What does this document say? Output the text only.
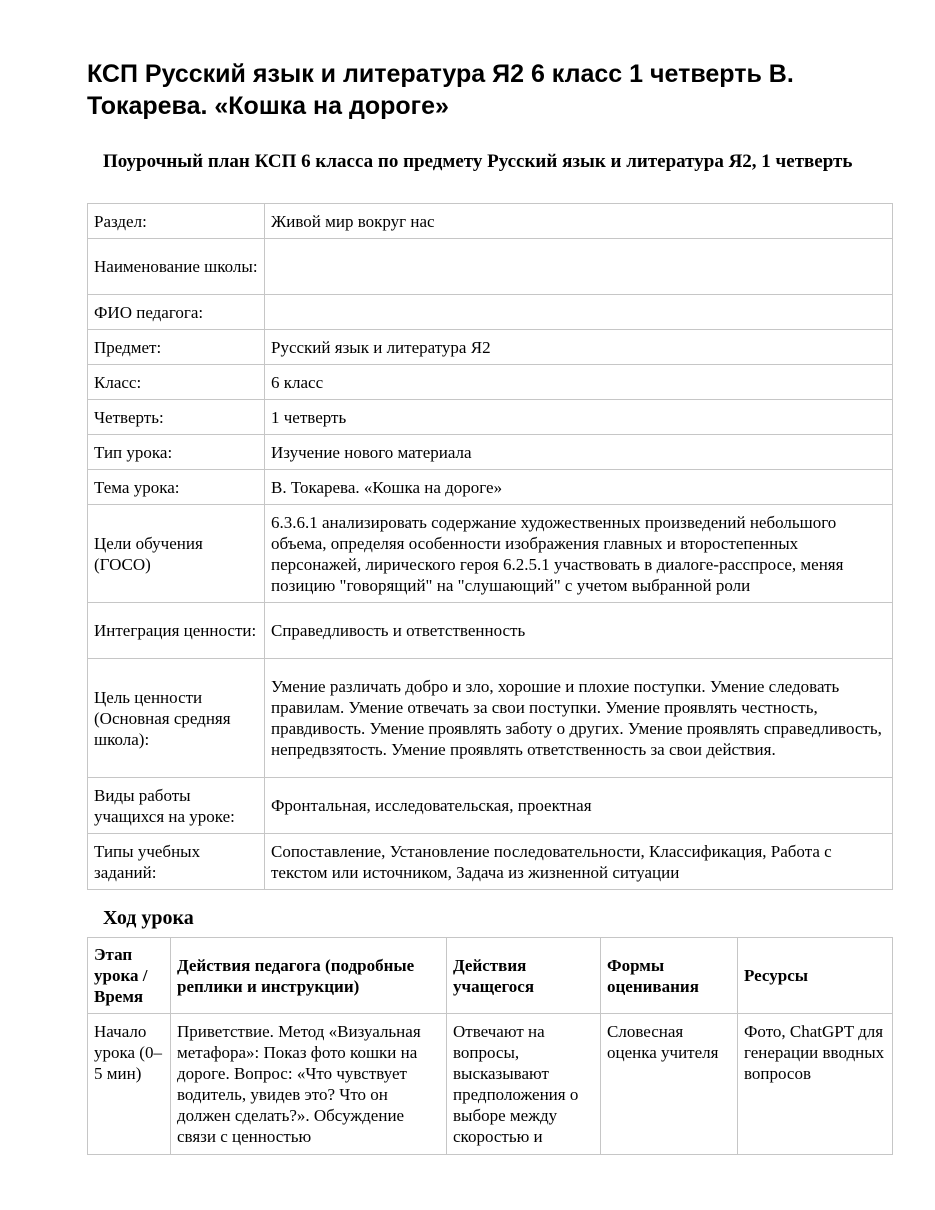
КСП Русский язык и литература Я2 6 класс 1 четверть В. Токарева. «Кошка на дороге»
Поурочный план КСП 6 класса по предмету Русский язык и литература Я2, 1 четверть
Раздел:	Живой мир вокруг нас
Наименование школы:	
ФИО педагога:	
Предмет:	Русский язык и литература Я2
Класс:	6 класс
Четверть:	1 четверть
Тип урока:	Изучение нового материала
Тема урока:	В. Токарева. «Кошка на дороге»
Цели обучения (ГОСО)	6.3.6.1 анализировать содержание художественных произведений небольшого объема, определяя особенности изображения главных и второстепенных персонажей, лирического героя 6.2.5.1 участвовать в диалоге-расспросе, меняя позицию "говорящий" на "слушающий" с учетом выбранной роли
Интеграция ценности:	Справедливость и ответственность
Цель ценности (Основная средняя школа):	Умение различать добро и зло, хорошие и плохие поступки. Умение следовать правилам. Умение отвечать за свои поступки. Умение проявлять честность, правдивость. Умение проявлять заботу о других. Умение проявлять справедливость, непредвзятость. Умение проявлять ответственность за свои действия.
Виды работы учащихся на уроке:	Фронтальная, исследовательская, проектная
Типы учебных заданий:	Сопоставление, Установление последовательности, Классификация, Работа с текстом или источником, Задача из жизненной ситуации
Ход урока
Этап урока / Время	Действия педагога (подробные реплики и инструкции)	Действия учащегося	Формы оценивания	Ресурсы
Начало урока (0–5 мин)	Приветствие. Метод «Визуальная метафора»: Показ фото кошки на дороге. Вопрос: «Что чувствует водитель, увидев это? Что он должен сделать?». Обсуждение связи с ценностью	Отвечают на вопросы, высказывают предположения о выборе между скоростью и	Словесная оценка учителя	Фото, ChatGPT для генерации вводных вопросов
